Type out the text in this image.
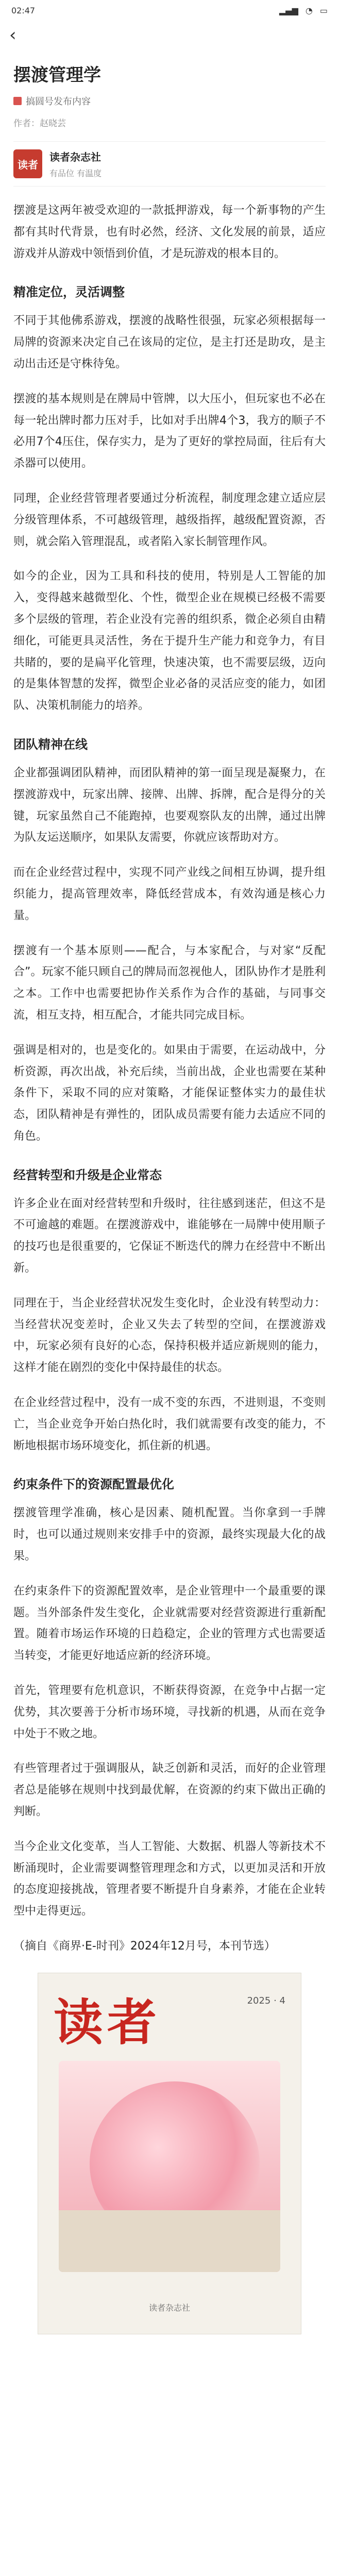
02:47	▂▄▆ ◔ ▭
‹
摆渡管理学
搞圆号发布内容
作者：赵晓芸
读者
读者杂志社
有品位 有温度

摆渡是这两年被受欢迎的一款抵押游戏，每一个新事物的产生都有其时代背景，也有时必然，经济、文化发展的前景，适应游戏并从游戏中领悟到价值，才是玩游戏的根本目的。

精准定位，灵活调整

不同于其他佛系游戏，摆渡的战略性很强，玩家必须根据每一局牌的资源来决定自己在该局的定位，是主打还是助攻，是主动出击还是守株待兔。

摆渡的基本规则是在牌局中管牌，以大压小，但玩家也不必在每一轮出牌时都力压对手，比如对手出牌4个3，我方的顺子不必用7个4压住，保存实力，是为了更好的掌控局面，往后有大杀器可以使用。

同理，企业经营管理者要通过分析流程，制度理念建立适应层分级管理体系，不可越级管理，越级指挥，越级配置资源，否则，就会陷入管理混乱，或者陷入家长制管理作风。

如今的企业，因为工具和科技的使用，特别是人工智能的加入，变得越来越微型化、个性，微型企业在规模已经极不需要多个层级的管理，若企业没有完善的组织系，微企必须自由精细化，可能更具灵活性，务在于提升生产能力和竞争力，有目共睹的，要的是扁平化管理，快速决策，也不需要层级，迈向的是集体智慧的发挥，微型企业必备的灵活应变的能力，如团队、决策机制能力的培养。

团队精神在线

企业都强调团队精神，而团队精神的第一面呈现是凝聚力，在摆渡游戏中，玩家出牌、接牌、出牌、拆牌，配合是得分的关键，玩家虽然自己不能跑掉，也要观察队友的出牌，通过出牌为队友运送顺序，如果队友需要，你就应该帮助对方。

而在企业经营过程中，实现不同产业线之间相互协调，提升组织能力，提高管理效率，降低经营成本，有效沟通是核心力量。

摆渡有一个基本原则——配合，与本家配合，与对家“反配合”。玩家不能只顾自己的牌局而忽视他人，团队协作才是胜利之本。工作中也需要把协作关系作为合作的基础，与同事交流，相互支持，相互配合，才能共同完成目标。

强调是相对的，也是变化的。如果由于需要，在运动战中，分析资源，再次出战，补充后续，当前出战，企业也需要在某种条件下，采取不同的应对策略，才能保证整体实力的最佳状态，团队精神是有弹性的，团队成员需要有能力去适应不同的角色。

经营转型和升级是企业常态

许多企业在面对经营转型和升级时，往往感到迷茫，但这不是不可逾越的难题。在摆渡游戏中，谁能够在一局牌中使用顺子的技巧也是很重要的，它保证不断迭代的牌力在经营中不断出新。

同理在于，当企业经营状况发生变化时，企业没有转型动力：当经营状况变差时，企业又失去了转型的空间，在摆渡游戏中，玩家必须有良好的心态，保持积极并适应新规则的能力，这样才能在剧烈的变化中保持最佳的状态。

在企业经营过程中，没有一成不变的东西，不进则退，不变则亡，当企业竞争开始白热化时，我们就需要有改变的能力，不断地根据市场环境变化，抓住新的机遇。

约束条件下的资源配置最优化

摆渡管理学准确，核心是因素、随机配置。当你拿到一手牌时，也可以通过规则来安排手中的资源，最终实现最大化的战果。

在约束条件下的资源配置效率，是企业管理中一个最重要的课题。当外部条件发生变化，企业就需要对经营资源进行重新配置。随着市场运作环境的日趋稳定，企业的管理方式也需要适当转变，才能更好地适应新的经济环境。

首先，管理要有危机意识，不断获得资源，在竞争中占据一定优势，其次要善于分析市场环境，寻找新的机遇，从而在竞争中处于不败之地。

有些管理者过于强调服从，缺乏创新和灵活，而好的企业管理者总是能够在规则中找到最优解，在资源的约束下做出正确的判断。

当今企业文化变革，当人工智能、大数据、机器人等新技术不断涌现时，企业需要调整管理理念和方式，以更加灵活和开放的态度迎接挑战，管理者要不断提升自身素养，才能在企业转型中走得更远。

（摘自《商界·E-时刊》2024年12月号，本刊节选）

读者	2025 · 4
读者杂志社
